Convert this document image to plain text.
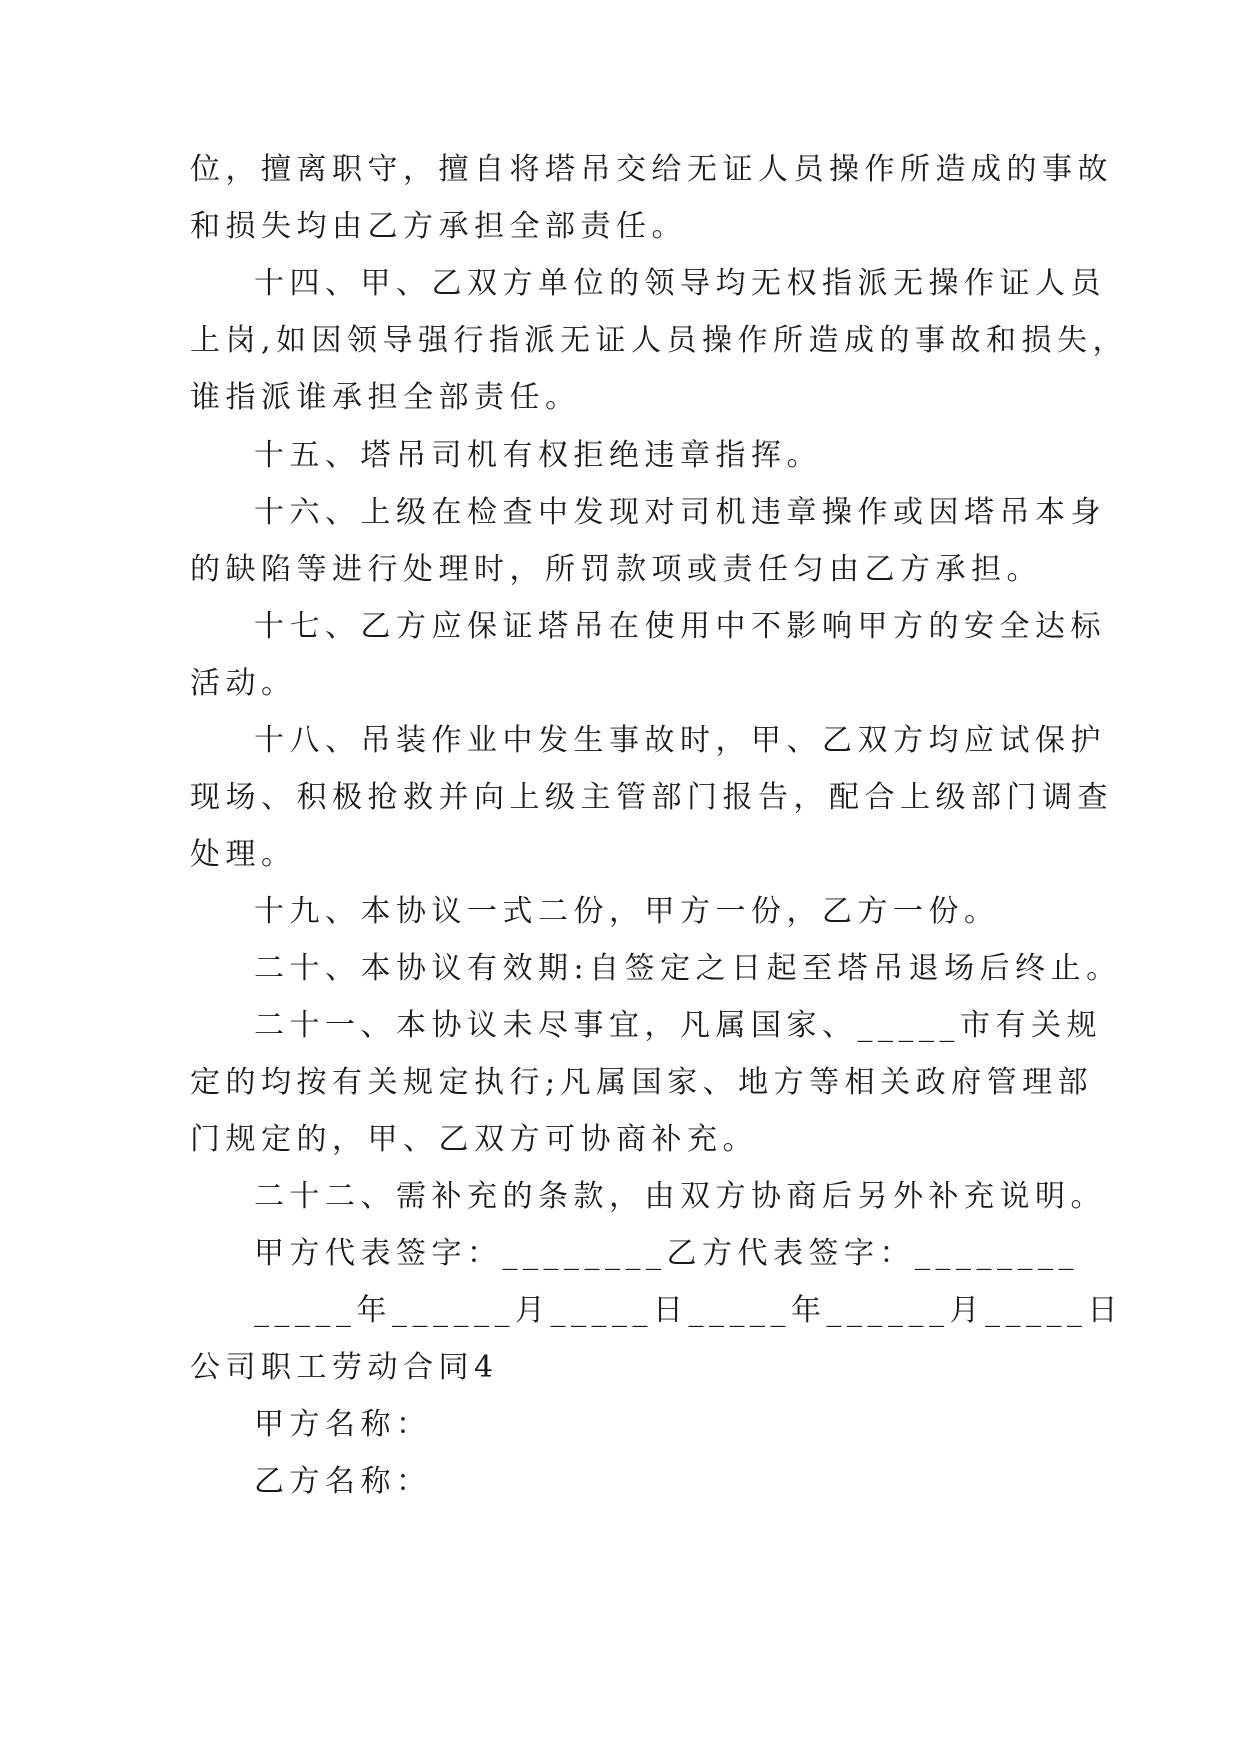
位，擅离职守，擅自将塔吊交给无证人员操作所造成的事故
和损失均由乙方承担全部责任。
十四、甲、乙双方单位的领导均无权指派无操作证人员
上岗,如因领导强行指派无证人员操作所造成的事故和损失，
谁指派谁承担全部责任。
十五、塔吊司机有权拒绝违章指挥。
十六、上级在检查中发现对司机违章操作或因塔吊本身
的缺陷等进行处理时，所罚款项或责任匀由乙方承担。
十七、乙方应保证塔吊在使用中不影响甲方的安全达标
活动。
十八、吊装作业中发生事故时，甲、乙双方均应试保护
现场、积极抢救并向上级主管部门报告，配合上级部门调查
处理。
十九、本协议一式二份，甲方一份，乙方一份。
二十、本协议有效期:自签定之日起至塔吊退场后终止。
二十一、本协议未尽事宜，凡属国家、_____市有关规
定的均按有关规定执行;凡属国家、地方等相关政府管理部
门规定的，甲、乙双方可协商补充。
二十二、需补充的条款，由双方协商后另外补充说明。
甲方代表签字：________乙方代表签字：________
_____年______月_____日_____年______月_____日
公司职工劳动合同4
甲方名称：
乙方名称：
